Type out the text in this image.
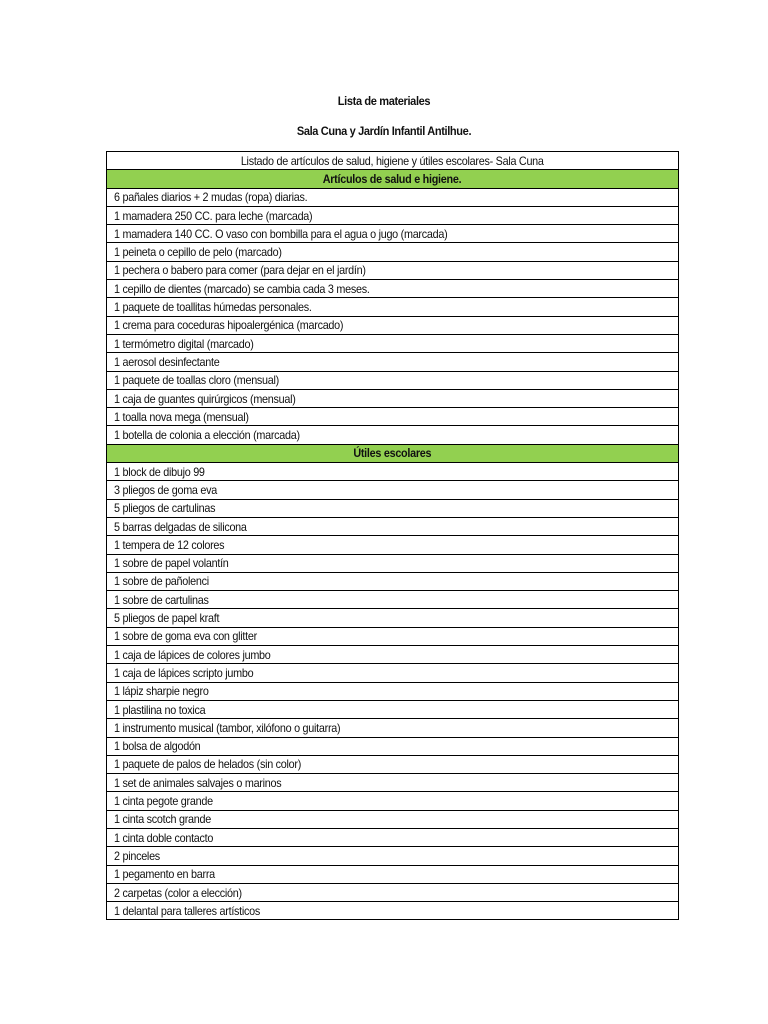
Lista de materiales
Sala Cuna y Jardín Infantil Antilhue.
Listado de artículos de salud, higiene y útiles escolares- Sala Cuna
Artículos de salud e higiene.
6 pañales diarios + 2 mudas (ropa) diarias.
1 mamadera 250 CC. para leche (marcada)
1 mamadera 140 CC. O vaso con bombilla para el agua o jugo (marcada)
1 peineta o cepillo de pelo (marcado)
1 pechera o babero para comer (para dejar en el jardín)
1 cepillo de dientes (marcado) se cambia cada 3 meses.
1 paquete de toallitas húmedas personales.
1 crema para coceduras hipoalergénica (marcado)
1 termómetro digital (marcado)
1 aerosol desinfectante
1 paquete de toallas cloro (mensual)
1 caja de guantes quirúrgicos (mensual)
1 toalla nova mega (mensual)
1 botella de colonia a elección (marcada)
Útiles escolares
1 block de dibujo 99
3 pliegos de goma eva
5 pliegos de cartulinas
5 barras delgadas de silicona
1 tempera de 12 colores
1 sobre de papel volantín
1 sobre de pañolenci
1 sobre de cartulinas
5 pliegos de papel kraft
1 sobre de goma eva con glitter
1 caja de lápices de colores jumbo
1 caja de lápices scripto jumbo
1 lápiz sharpie negro
1 plastilina no toxica
1 instrumento musical (tambor, xilófono o guitarra)
1 bolsa de algodón
1 paquete de palos de helados (sin color)
1 set de animales salvajes o marinos
1 cinta pegote grande
1 cinta scotch grande
1 cinta doble contacto
2 pinceles
1 pegamento en barra
2 carpetas (color a elección)
1 delantal para talleres artísticos
